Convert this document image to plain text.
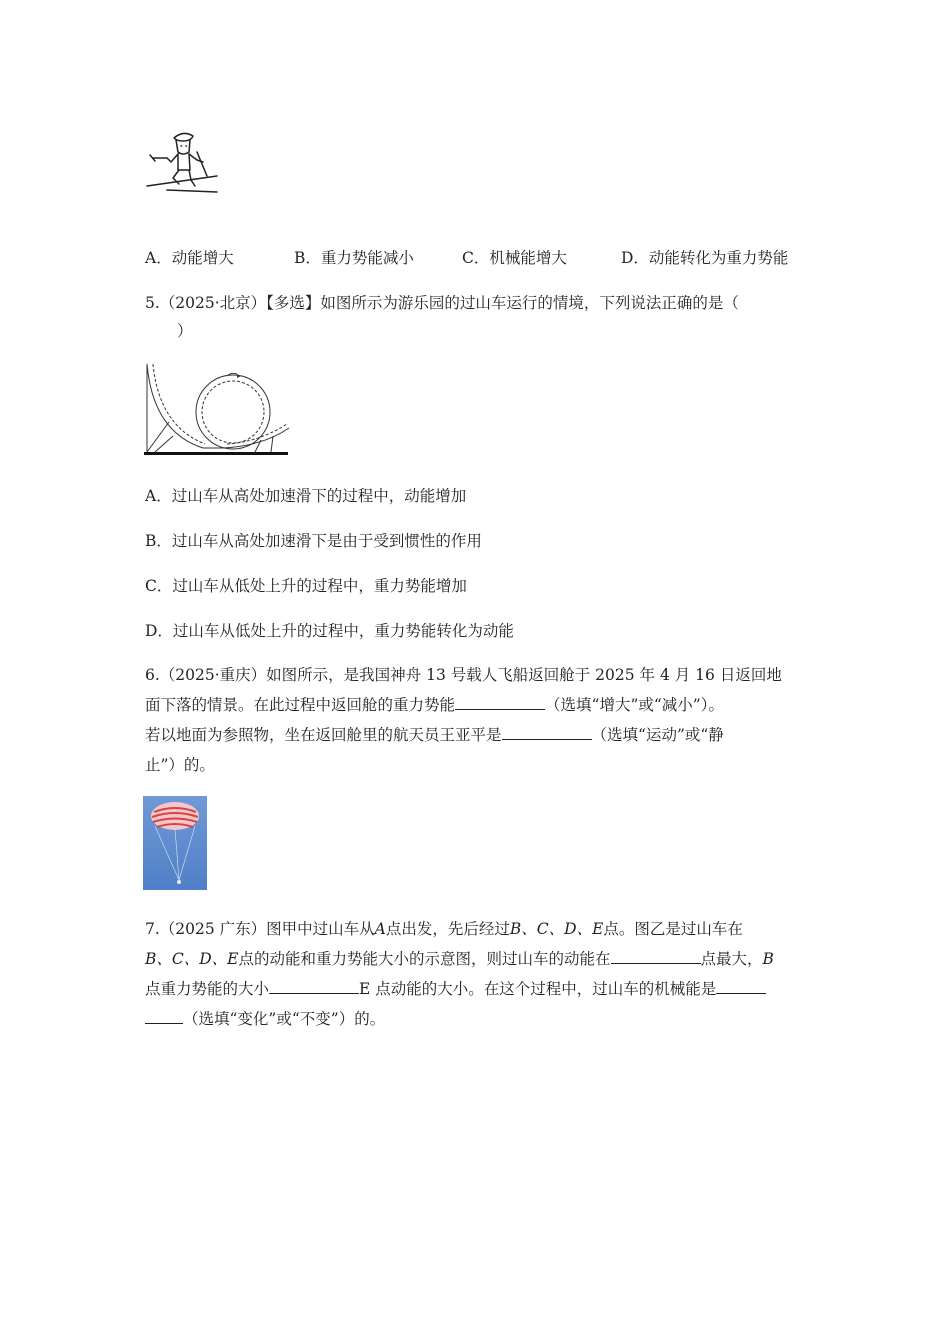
A．动能增大	B．重力势能减小	C．机械能增大	D．动能转化为重力势能
5.（2025·北京）【多选】如图所示为游乐园的过山车运行的情境，下列说法正确的是（
）
A．过山车从高处加速滑下的过程中，动能增加
B．过山车从高处加速滑下是由于受到惯性的作用
C．过山车从低处上升的过程中，重力势能增加
D．过山车从低处上升的过程中，重力势能转化为动能
6.（2025·重庆）如图所示，是我国神舟 13 号载人飞船返回舱于 2025 年 4 月 16 日返回地
面下落的情景。在此过程中返回舱的重力势能	（选填“增大”或“减小”）。
若以地面为参照物，坐在返回舱里的航天员王亚平是	（选填“运动”或“静
止”）的。
7.（2025 广东）图甲中过山车从A点出发，先后经过B、C、D、E点。图乙是过山车在
B、C、D、E点的动能和重力势能大小的示意图，则过山车的动能在	点最大，B
点重力势能的大小	E 点动能的大小。在这个过程中，过山车的机械能是
（选填“变化”或“不变”）的。
